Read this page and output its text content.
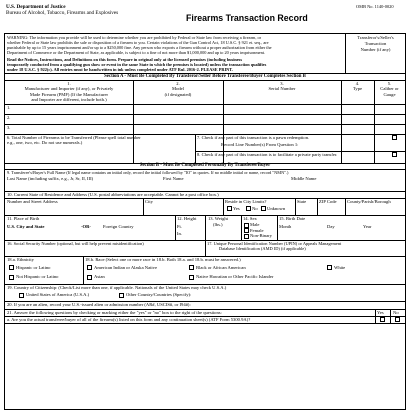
U.S. Department of Justice
Bureau of Alcohol, Tobacco, Firearms and Explosives	Firearms Transaction Record
OMB No. 1140-0020
WARNING: The information you provide will be used to determine whether you are prohibited by Federal or State law from receiving a firearm, or
whether Federal or State law prohibits the sale or disposition of a firearm to you. Certain violations of the Gun Control Act, 18 U.S.C. § 921 et. seq., are
punishable by up to 15 years imprisonment and/or up to a $250,000 fine. Any person who exports a firearm without a proper authorization from either the
Department of Commerce or the Department of State, as applicable, is subject to a fine of not more than $1,000,000 and up to 20 years imprisonment.
Read the Notices, Instructions, and Definitions on this form. Prepare in original only at the licensed premises (including business
temporarily conducted from a qualifying gun show or event in the same State in which the premises is located) unless the transaction qualifies
under 18 U.S.C. § 922(c). All entries must be handwritten in ink unless completed under ATF Rul. 2016-2. PLEASE PRINT.
Transferor's/Seller's
Transaction
Number (if any)
Section A - Must Be Completed By Transferor/Seller Before Transferee/Buyer Completes Section B
1.
Manufacturer and Importer (if any), or Privately
Made Firearm (PMF) (If the Manufacturer
and Importer are different, include both.)
2.
Model
(if designated)
3.
Serial Number
4.
Type
5.
Caliber or
Gauge
1.
2.
3.
6. Total Number of Firearms to be Transferred (Please spell total number
e.g., one, two, etc. Do not use numerals.)
7. Check if any part of this transaction is a pawn redemption.
Record Line Number(s) From Question 1:
8. Check if any part of this transaction is to facilitate a private party transfer.
Section B - Must Be Completed Personally By Transferee/Buyer
9. Transferee's/Buyer's Full Name (If legal name contains an initial only, record the initial followed by "IO" in quotes. If no middle initial or name, record "NMN".)
Last Name (including suffix, e.g., Jr, Sr, II, III)	First Name	Middle Name
10. Current State of Residence and Address (U.S. postal abbreviations are acceptable. Cannot be a post office box.)
Number and Street Address	City	Reside in City Limits?
Yes	No Unknown
State	ZIP Code County/Parish/Borough
11. Place of Birth
U.S. City and State	-OR-	Foreign Country
12. Height
Ft.
In.
13. Weight
(lbs.)
14. Sex
Male
Female
Non-Binary
15. Birth Date
Month	Day	Year
16. Social Security Number (optional, but will help prevent misidentification)	17. Unique Personal Identification Number (UPIN) or Appeals Management
Database Identification (AMD ID) (if applicable)
18.a. Ethnicity	18.b. Race (Select one or more race in 18.b. Both 18.a. and 18.b. must be answered.)
Hispanic or Latino
Not Hispanic or Latino
American Indian or Alaska Native
Asian
Black or African American
Native Hawaiian or Other Pacific Islander
White
19. Country of Citizenship: (Check/List more than one, if applicable. Nationals of the United States may check U.S.A.)
United States of America (U.S.A.)	Other Country/Countries (Specify):
20. If you are an alien, record your U.S.-issued alien or admission number (AR#, USCIS#, or I94#):
21. Answer the following questions by checking or marking either the "yes" or "no" box to the right of the questions:	Yes No
a. Are you the actual transferee/buyer of all of the firearm(s) listed on this form and any continuation sheet(s) (ATF Form 5300.9A)?
